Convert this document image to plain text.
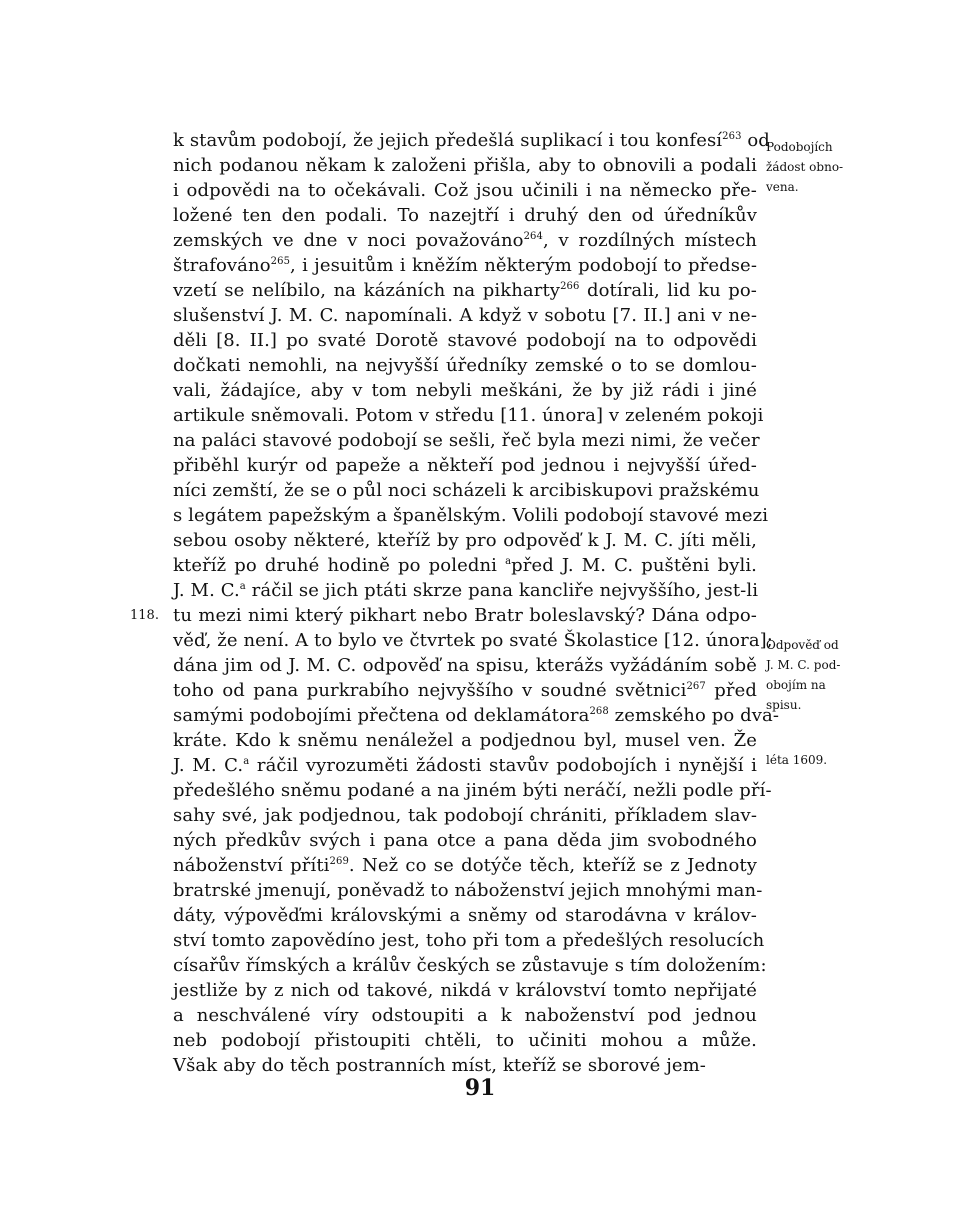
k stavům podobojí, že jejich předešlá suplikací i tou konfesí$^{263}$ od
nich podanou někam k založeni přišla, aby to obnovili a podali
i odpovědi na to očekávali. Což jsou učinili i na německo pře-
ložené ten den podali. To nazejtří i druhý den od úředníkův
zemských ve dne v noci považováno$^{264}$, v rozdílných místech
štrafováno$^{265}$, i jesuitům i kněžím některým podobojí to předse-
vzetí se nelíbilo, na kázáních na pikharty$^{266}$ dotírali, lid ku po-
slušenství J. M. C. napomínali. A když v sobotu [7. II.] ani v ne-
děli [8. II.] po svaté Dorotě stavové podobojí na to odpovědi
dočkati nemohli, na nejvyšší úředníky zemské o to se domlou-
vali, žádajíce, aby v tom nebyli meškáni, že by již rádi i jiné
artikule sněmovali. Potom v středu [11. února] v zeleném pokoji
na paláci stavové podobojí se sešli, řeč byla mezi nimi, že večer
přiběhl kurýr od papeže a někteří pod jednou i nejvyšší úřed-
níci zemští, že se o půl noci scházeli k arcibiskupovi pražskému
s legátem papežským a španělským. Volili podobojí stavové mezi
sebou osoby některé, kteříž by pro odpověď k J. M. C. jíti měli,
kteříž po druhé hodině po poledni $^a$před J. M. C. puštěni byli.
J. M. C.$^a$ ráčil se jich ptáti skrze pana kancliře nejvyššího, jest-li
tu mezi nimi který pikhart nebo Bratr boleslavský? Dána odpo-
věď, že není. A to bylo ve čtvrtek po svaté Školastice [12. února];
dána jim od J. M. C. odpověď na spisu, kterážs vyžádáním sobě
toho od pana purkrabího nejvyššího v soudné světnici$^{267}$ před
samými podobojími přečtena od deklamátora$^{268}$ zemského po dva-
kráte. Kdo k sněmu nenáležel a podjednou byl, musel ven. Že
J. M. C.$^a$ ráčil vyrozuměti žádosti stavův podobojích i nynější i
předešlého sněmu podané a na jiném býti neráčí, nežli podle pří-
sahy své, jak podjednou, tak podobojí chrániti, příkladem slav-
ných předkův svých i pana otce a pana děda jim svobodného
náboženství příti$^{269}$. Než co se dotýče těch, kteříž se z Jednoty
bratrské jmenují, poněvadž to náboženství jejich mnohými man-
dáty, výpověďmi královskými a sněmy od starodávna v králov-
ství tomto zapovědíno jest, toho při tom a předešlých resolucích
císařův římských a králův českých se zůstavuje s tím doložením:
jestliže by z nich od takové, nikdá v království tomto nepřijaté
a neschválené víry odstoupiti a k naboženství pod jednou
neb podobojí přistoupiti chtěli, to učiniti mohou a může.
Však aby do těch postranních míst, kteříž se sborové jem-
Podobojích
žádost obno-
vena.
Odpověď od
J. M. C. pod-
obojím na
spisu.
léta 1609.
118.
91
